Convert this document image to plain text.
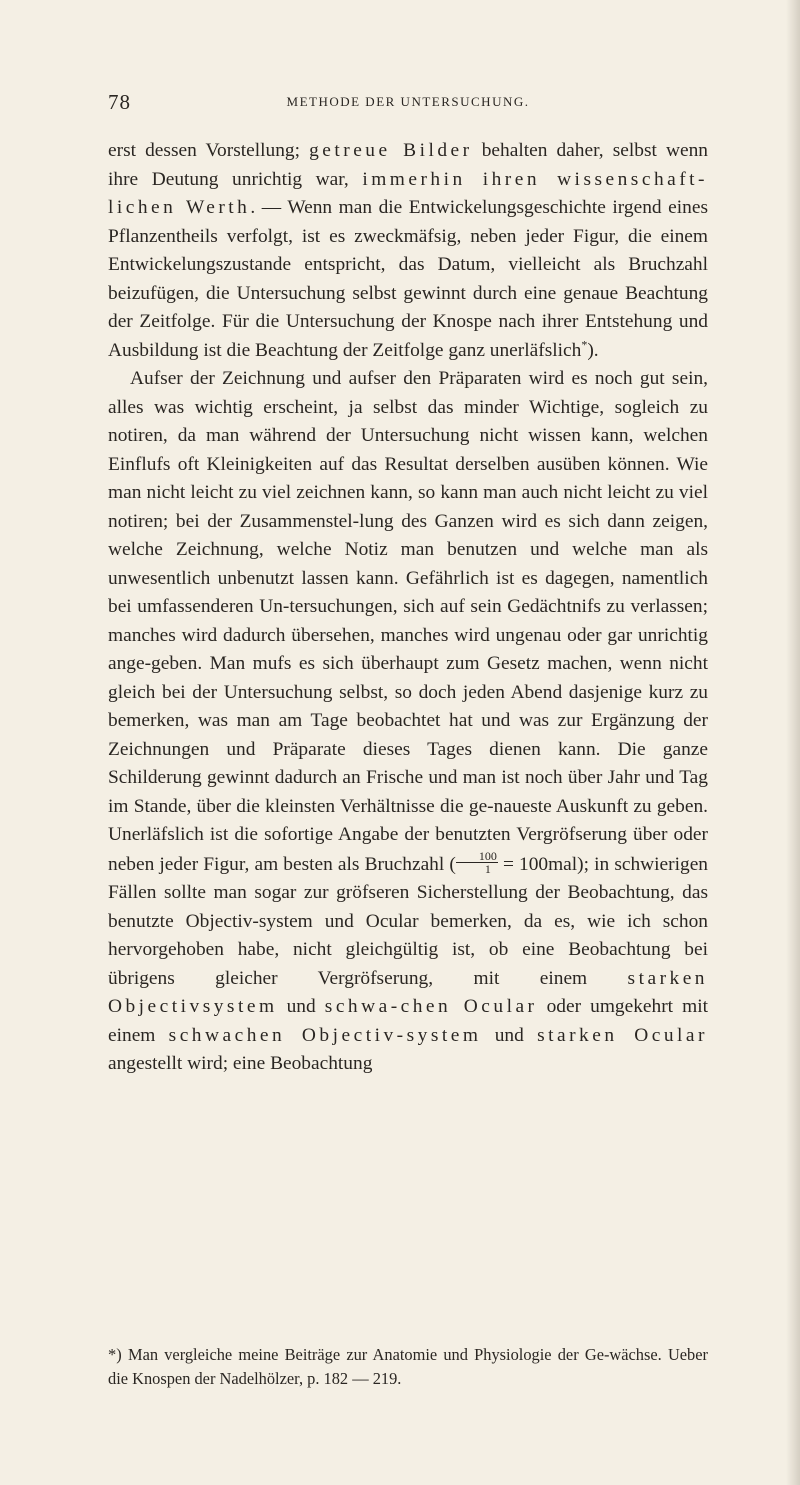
78	METHODE DER UNTERSUCHUNG.

erst dessen Vorstellung; getreue Bilder behalten daher, selbst wenn ihre Deutung unrichtig war, immerhin ihren wissenschaft-lichen Werth. — Wenn man die Entwickelungsgeschichte irgend eines Pflanzentheils verfolgt, ist es zweckmäfsig, neben jeder Figur, die einem Entwickelungszustande entspricht, das Datum, vielleicht als Bruchzahl beizufügen, die Untersuchung selbst gewinnt durch eine genaue Beachtung der Zeitfolge. Für die Untersuchung der Knospe nach ihrer Entstehung und Ausbildung ist die Beachtung der Zeitfolge ganz unerläfslich*).

Aufser der Zeichnung und aufser den Präparaten wird es noch gut sein, alles was wichtig erscheint, ja selbst das minder Wichtige, sogleich zu notiren, da man während der Untersuchung nicht wissen kann, welchen Einflufs oft Kleinigkeiten auf das Resultat derselben ausüben können. Wie man nicht leicht zu viel zeichnen kann, so kann man auch nicht leicht zu viel notiren; bei der Zusammenstel-lung des Ganzen wird es sich dann zeigen, welche Zeichnung, welche Notiz man benutzen und welche man als unwesentlich unbenutzt lassen kann. Gefährlich ist es dagegen, namentlich bei umfassenderen Un-tersuchungen, sich auf sein Gedächtnifs zu verlassen; manches wird dadurch übersehen, manches wird ungenau oder gar unrichtig ange-geben. Man mufs es sich überhaupt zum Gesetz machen, wenn nicht gleich bei der Untersuchung selbst, so doch jeden Abend dasjenige kurz zu bemerken, was man am Tage beobachtet hat und was zur Ergänzung der Zeichnungen und Präparate dieses Tages dienen kann. Die ganze Schilderung gewinnt dadurch an Frische und man ist noch über Jahr und Tag im Stande, über die kleinsten Verhältnisse die ge-naueste Auskunft zu geben. Unerläfslich ist die sofortige Angabe der benutzten Vergröfserung über oder neben jeder Figur, am besten als Bruchzahl ( $\frac{100}{1} = 100mal$); in schwierigen Fällen sollte man sogar zur gröfseren Sicherstellung der Beobachtung, das benutzte Objectiv-system und Ocular bemerken, da es, wie ich schon hervorgehoben habe, nicht gleichgültig ist, ob eine Beobachtung bei übrigens gleicher Vergröfserung, mit einem starken Objectivsystem und schwa-chen Ocular oder umgekehrt mit einem schwachen Objectiv-system und starken Ocular angestellt wird; eine Beobachtung

*) Man vergleiche meine Beiträge zur Anatomie und Physiologie der Ge-wächse. Ueber die Knospen der Nadelhölzer, p. 182 — 219.
